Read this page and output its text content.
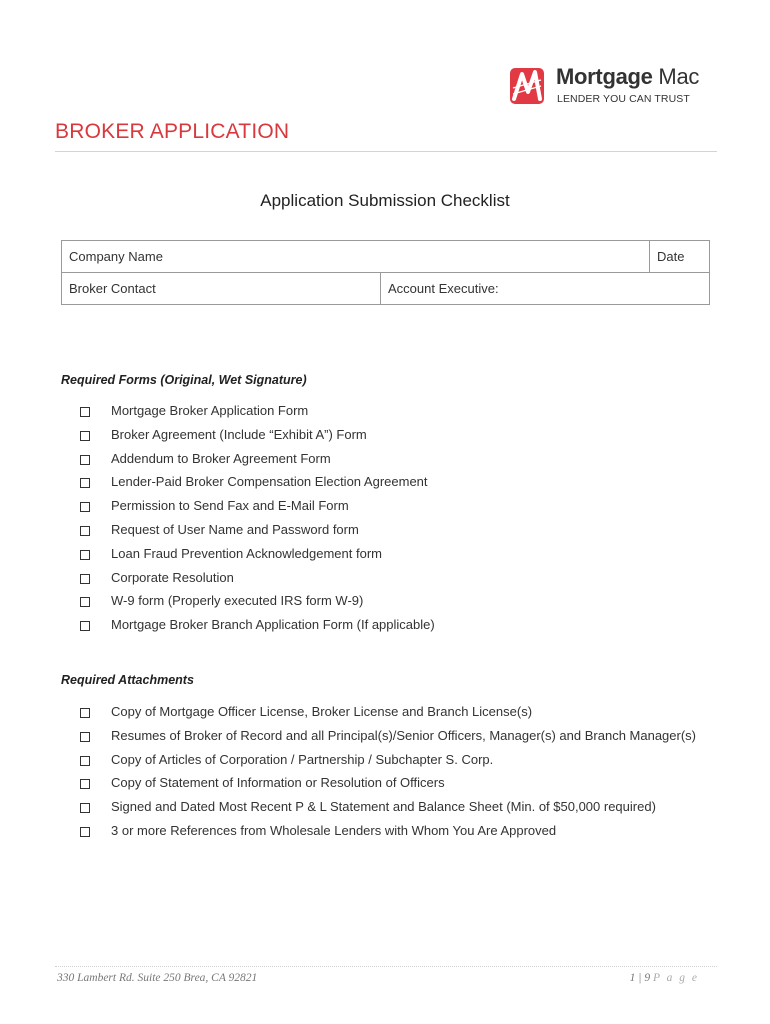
Mortgage Mac
LENDER YOU CAN TRUST
BROKER APPLICATION
Application Submission Checklist
Company Name		Date
Broker Contact	Account Executive:	
Required Forms (Original, Wet Signature)
Mortgage Broker Application Form
Broker Agreement (Include “Exhibit A”) Form
Addendum to Broker Agreement Form
Lender-Paid Broker Compensation Election Agreement
Permission to Send Fax and E-Mail Form
Request of User Name and Password form
Loan Fraud Prevention Acknowledgement form
Corporate Resolution
W-9 form (Properly executed IRS form W-9)
Mortgage Broker Branch Application Form (If applicable)
Required Attachments
Copy of Mortgage Officer License, Broker License and Branch License(s)
Resumes of Broker of Record and all Principal(s)/Senior Officers, Manager(s) and Branch Manager(s)
Copy of Articles of Corporation / Partnership / Subchapter S. Corp.
Copy of Statement of Information or Resolution of Officers
Signed and Dated Most Recent P & L Statement and Balance Sheet (Min. of $50,000 required)
3 or more References from Wholesale Lenders with Whom You Are Approved
330 Lambert Rd. Suite 250 Brea, CA 92821	1 | 9 P a g e
